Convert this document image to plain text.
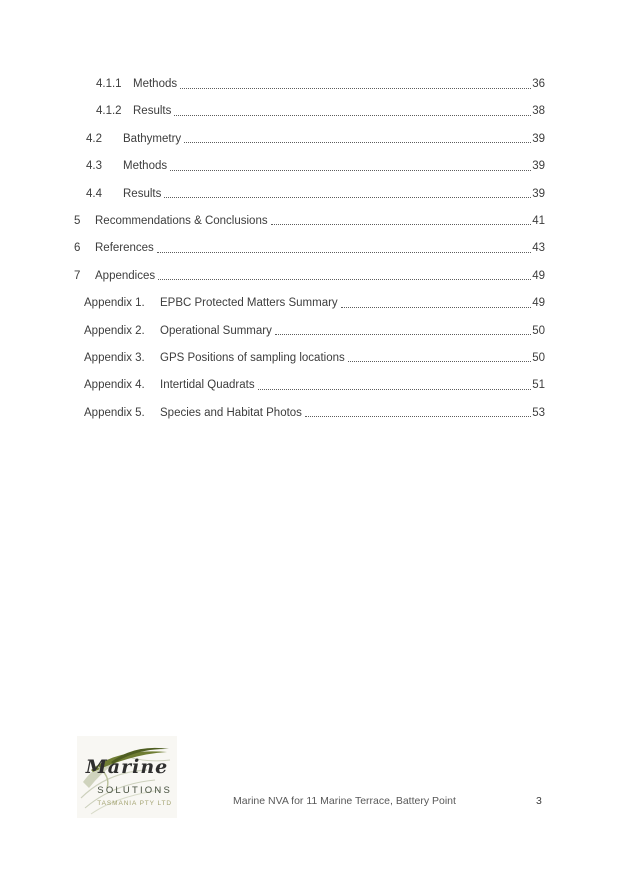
4.1.1 Methods	36
4.1.2 Results	38
4.2	Bathymetry	39
4.3	Methods	39
4.4	Results	39
5	Recommendations & Conclusions	41
6	References	43
7	Appendices	49
Appendix 1.	EPBC Protected Matters Summary	49
Appendix 2.	Operational Summary	50
Appendix 3.	GPS Positions of sampling locations	50
Appendix 4.	Intertidal Quadrats	51
Appendix 5.	Species and Habitat Photos	53
Marine
SOLUTIONS
TASMANIA PTY LTD	Marine NVA for 11 Marine Terrace, Battery Point	3
